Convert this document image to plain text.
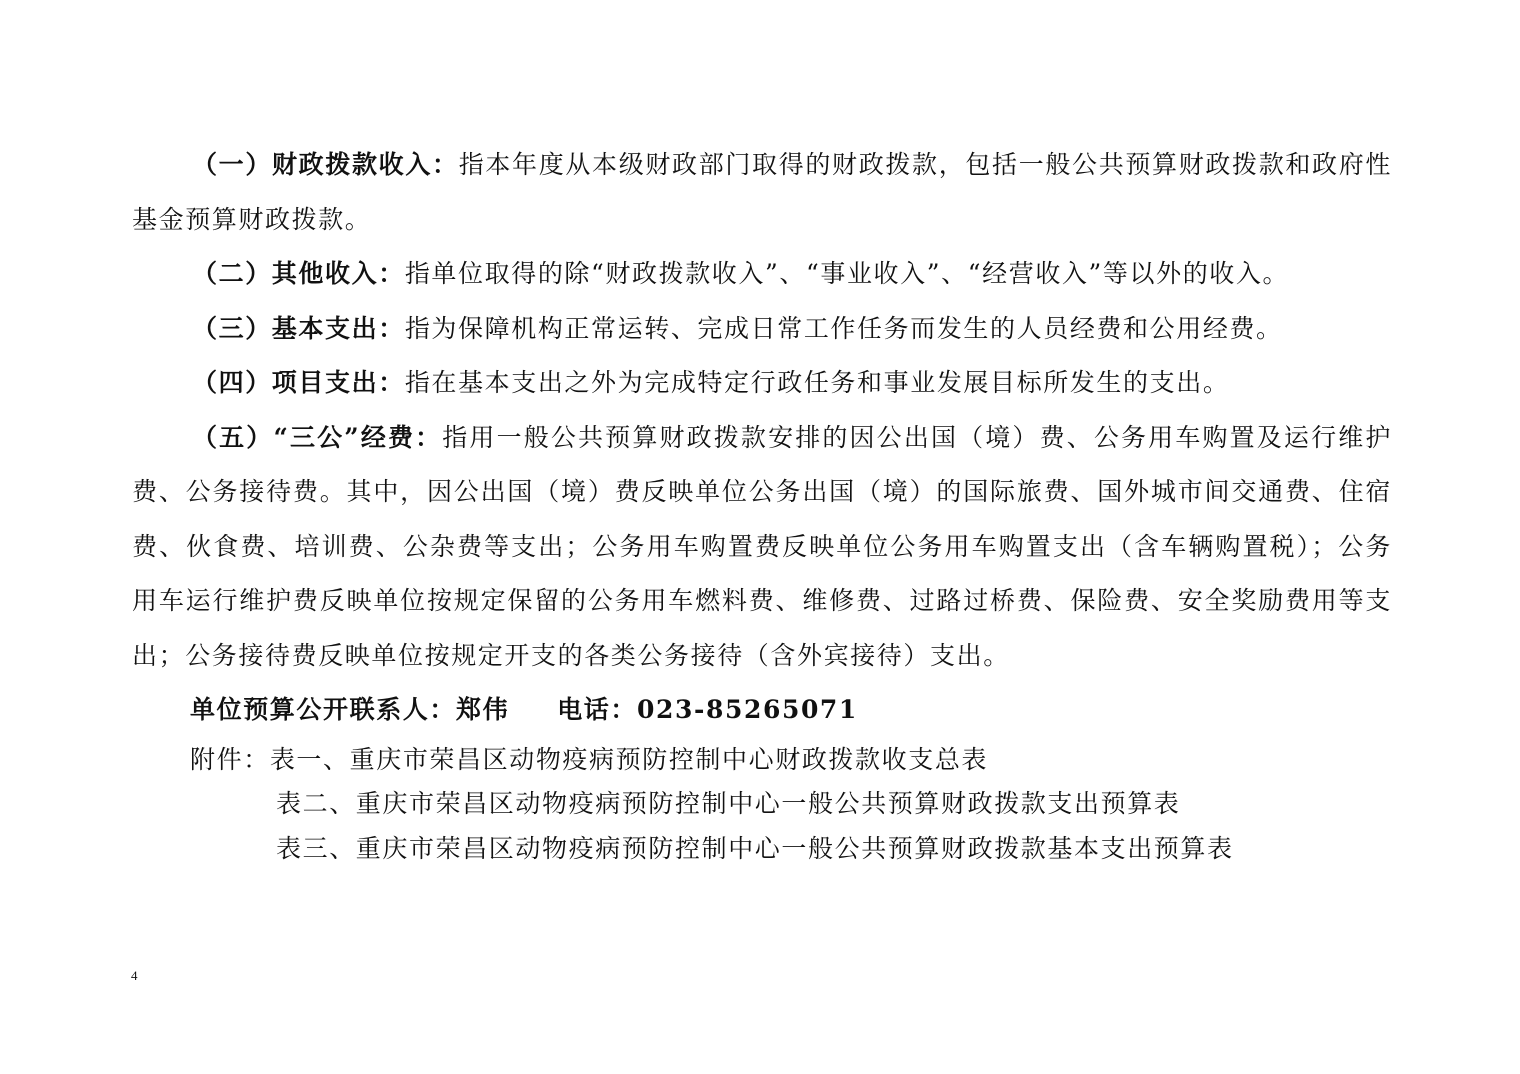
（一）财政拨款收入：指本年度从本级财政部门取得的财政拨款，包括一般公共预算财政拨款和政府性基金预算财政拨款。

（二）其他收入：指单位取得的除“财政拨款收入”、“事业收入”、“经营收入”等以外的收入。

（三）基本支出：指为保障机构正常运转、完成日常工作任务而发生的人员经费和公用经费。

（四）项目支出：指在基本支出之外为完成特定行政任务和事业发展目标所发生的支出。

（五）“三公”经费：指用一般公共预算财政拨款安排的因公出国（境）费、公务用车购置及运行维护费、公务接待费。其中，因公出国（境）费反映单位公务出国（境）的国际旅费、国外城市间交通费、住宿费、伙食费、培训费、公杂费等支出；公务用车购置费反映单位公务用车购置支出（含车辆购置税）；公务用车运行维护费反映单位按规定保留的公务用车燃料费、维修费、过路过桥费、保险费、安全奖励费用等支出；公务接待费反映单位按规定开支的各类公务接待（含外宾接待）支出。

单位预算公开联系人：郑伟 电话：023-85265071

附件：表一、重庆市荣昌区动物疫病预防控制中心财政拨款收支总表
表二、重庆市荣昌区动物疫病预防控制中心一般公共预算财政拨款支出预算表
表三、重庆市荣昌区动物疫病预防控制中心一般公共预算财政拨款基本支出预算表
4
